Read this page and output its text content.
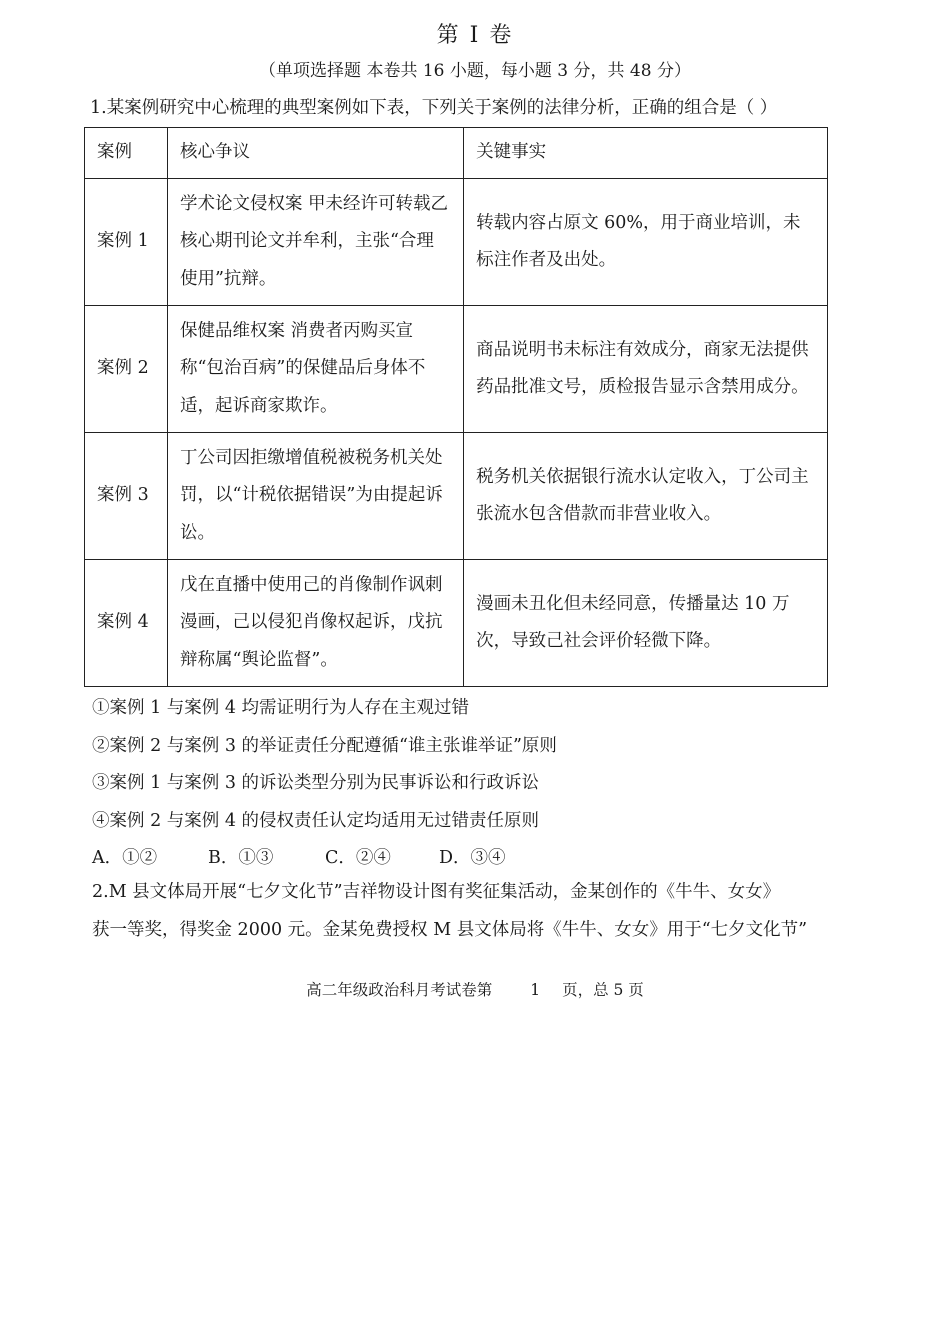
第 I 卷
（单项选择题 本卷共 16 小题，每小题 3 分，共 48 分）
1.某案例研究中心梳理的典型案例如下表，下列关于案例的法律分析，正确的组合是（ ）
案例	核心争议	关键事实
案例 1	学术论文侵权案 甲未经许可转载乙核心期刊论文并牟利，主张“合理使用”抗辩。	转载内容占原文 60%，用于商业培训，未标注作者及出处。
案例 2	保健品维权案 消费者丙购买宣称“包治百病”的保健品后身体不适，起诉商家欺诈。	商品说明书未标注有效成分，商家无法提供药品批准文号，质检报告显示含禁用成分。
案例 3	丁公司因拒缴增值税被税务机关处罚，以“计税依据错误”为由提起诉讼。	税务机关依据银行流水认定收入，丁公司主张流水包含借款而非营业收入。
案例 4	戊在直播中使用己的肖像制作讽刺漫画，己以侵犯肖像权起诉，戊抗辩称属“舆论监督”。	漫画未丑化但未经同意，传播量达 10 万次，导致己社会评价轻微下降。
①案例 1 与案例 4 均需证明行为人存在主观过错
②案例 2 与案例 3 的举证责任分配遵循“谁主张谁举证”原则
③案例 1 与案例 3 的诉讼类型分别为民事诉讼和行政诉讼
④案例 2 与案例 4 的侵权责任认定均适用无过错责任原则
A．①②	B．①③	C．②④	D．③④
2.M 县文体局开展“七夕文化节”吉祥物设计图有奖征集活动，金某创作的《牛牛、女女》
获一等奖，得奖金 2000 元。金某免费授权 M 县文体局将《牛牛、女女》用于“七夕文化节”
高二年级政治科月考试卷第 1 页，总 5 页
